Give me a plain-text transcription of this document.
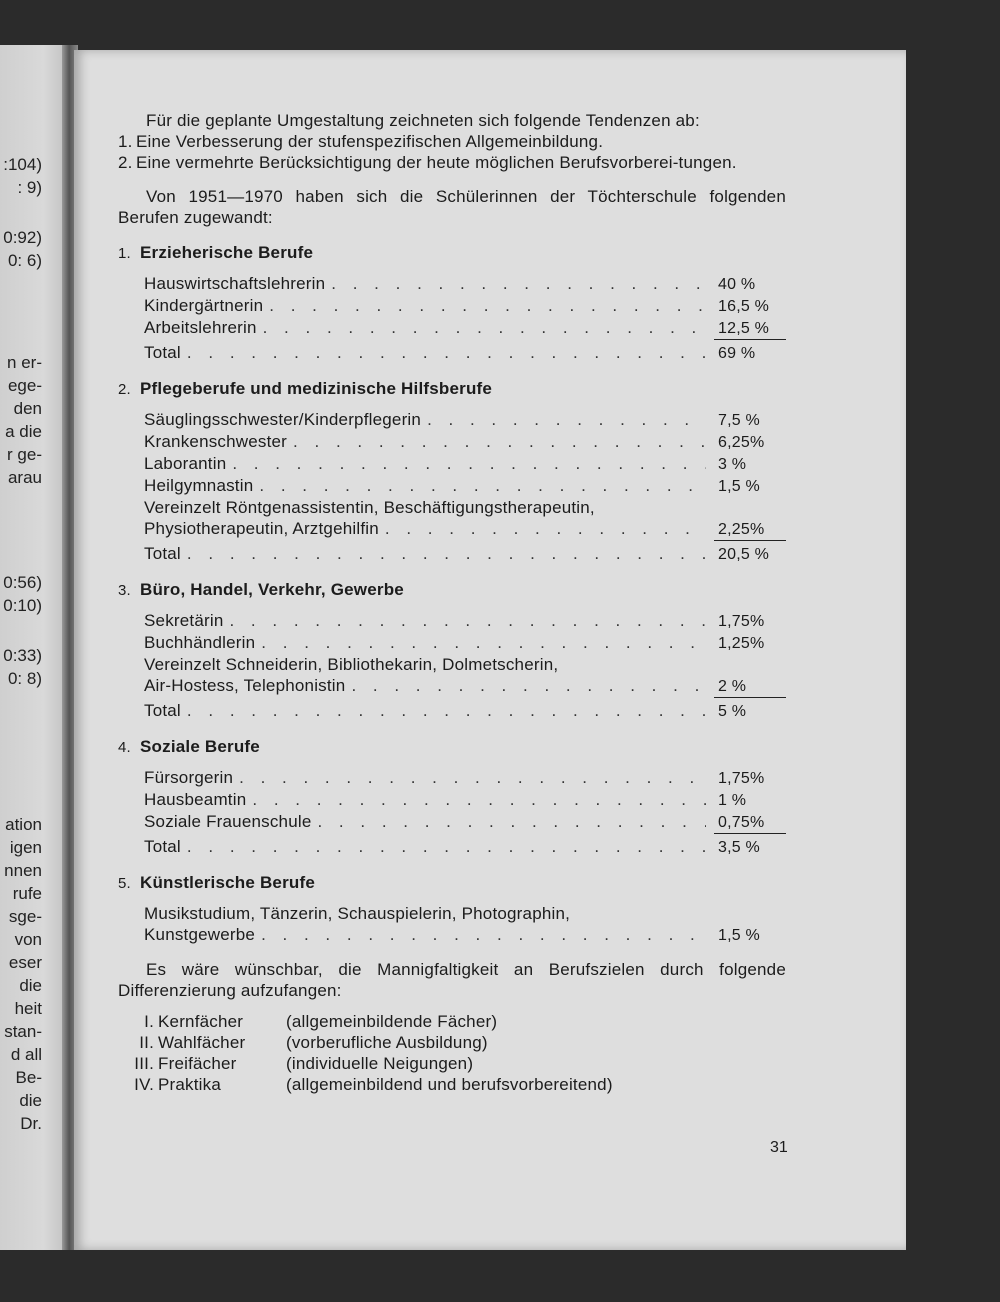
:104)
: 9)
0:92)
0: 6)
n er-
ege-
den
a die
r ge-
arau
0:56)
0:10)
0:33)
0: 8)
ation
igen
nnen
rufe
sge-
von
eser
die
heit
stan-
d all
Be-
die
Dr.

Für die geplante Umgestaltung zeichneten sich folgende Tendenzen ab:

1. Eine Verbesserung der stufenspezifischen Allgemeinbildung.
2. Eine vermehrte Berücksichtigung der heute möglichen Berufsvorberei-tungen.

Von 1951—1970 haben sich die Schülerinnen der Töchterschule folgenden Berufen zugewandt:

1. Erzieherische Berufe
Hauswirtschaftslehrerin . . .	40 %
Kindergärtnerin . . .	16,5 %
Arbeitslehrerin . . .	12,5 %
Total . . .	69 %
2. Pflegeberufe und medizinische Hilfsberufe
Säuglingsschwester/Kinderpflegerin . . .	7,5 %
Krankenschwester . . .	6,25%
Laborantin . . .	3 %
Heilgymnastin . . .	1,5 %
Vereinzelt Röntgenassistentin, Beschäftigungstherapeutin,
Physiotherapeutin, Arztgehilfin . . .	2,25%
Total . . .	20,5 %
3. Büro, Handel, Verkehr, Gewerbe
Sekretärin . . .	1,75%
Buchhändlerin . . .	1,25%
Vereinzelt Schneiderin, Bibliothekarin, Dolmetscherin,
Air-Hostess, Telephonistin . . .	2 %
Total . . .	5 %
4. Soziale Berufe
Fürsorgerin . . .	1,75%
Hausbeamtin . . .	1 %
Soziale Frauenschule . . .	0,75%
Total . . .	3,5 %
5. Künstlerische Berufe
Musikstudium, Tänzerin, Schauspielerin, Photographin,
Kunstgewerbe . . .	1,5 %

Es wäre wünschbar, die Mannigfaltigkeit an Berufszielen durch folgende Differenzierung aufzufangen:

I. Kernfächer	(allgemeinbildende Fächer)
II. Wahlfächer	(vorberufliche Ausbildung)
III. Freifächer	(individuelle Neigungen)
IV. Praktika	(allgemeinbildend und berufsvorbereitend)
31
